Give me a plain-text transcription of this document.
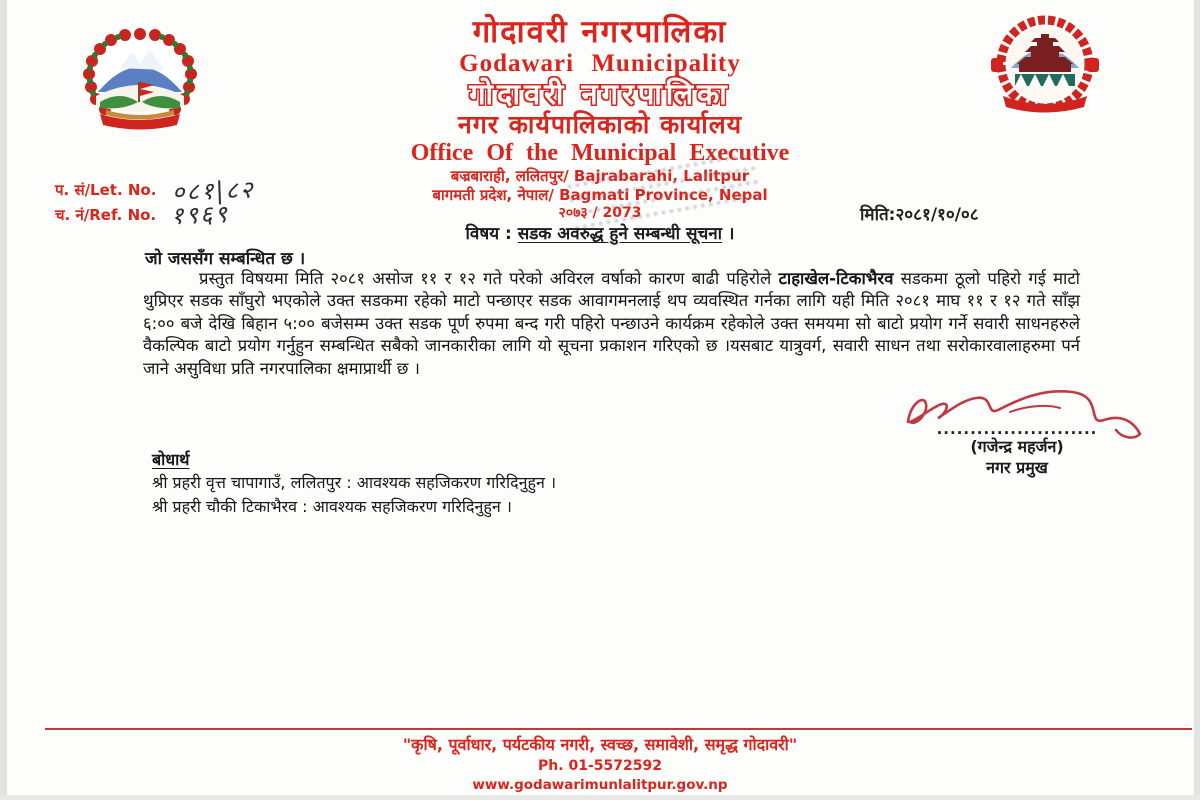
गोदावरी नगरपालिका
Godawari Municipality
गोदावरी नगरपालिका
नगर कार्यपालिकाको कार्यालय
Office Of the Municipal Executive
बज्रबाराही, ललितपुर/ Bajrabarahi, Lalitpur
बागमती प्रदेश, नेपाल/ Bagmati Province, Nepal
२०७३ / 2073
प. सं/Let. No. ०८१|८२
च. नं/Ref. No. १९६९	मिति:२०८१/१०/०८
विषय : सडक अवरुद्ध हुने सम्बन्धी सूचना ।
जो जससँग सम्बन्धित छ ।
प्रस्तुत विषयमा मिति २०८१ असोज ११ र १२ गते परेको अविरल वर्षाको कारण बाढी पहिरोले टाहाखेल-टिकाभैरव सडकमा ठूलो पहिरो गई माटो थुप्रिएर सडक साँघुरो भएकोले उक्त सडकमा रहेको माटो पन्छाएर सडक आवागमनलाई थप व्यवस्थित गर्नका लागि यही मिति २०८१ माघ ११ र १२ गते साँझ ६:०० बजे देखि बिहान ५:०० बजेसम्म उक्त सडक पूर्ण रुपमा बन्द गरी पहिरो पन्छाउने कार्यक्रम रहेकोले उक्त समयमा सो बाटो प्रयोग गर्ने सवारी साधनहरुले वैकल्पिक बाटो प्रयोग गर्नुहुन सम्बन्धित सबैको जानकारीका लागि यो सूचना प्रकाशन गरिएको छ ।यसबाट यात्रुवर्ग, सवारी साधन तथा सरोकारवालाहरुमा पर्न जाने असुविधा प्रति नगरपालिका क्षमाप्रार्थी छ ।
........................
(गजेन्द्र महर्जन)
नगर प्रमुख
बोधार्थ
श्री प्रहरी वृत्त चापागाउँ, ललितपुर : आवश्यक सहजिकरण गरिदिनुहुन ।
श्री प्रहरी चौकी टिकाभैरव : आवश्यक सहजिकरण गरिदिनुहुन ।
"कृषि, पूर्वाधार, पर्यटकीय नगरी, स्वच्छ, समावेशी, समृद्ध गोदावरी"
Ph. 01-5572592
www.godawarimunlalitpur.gov.np
